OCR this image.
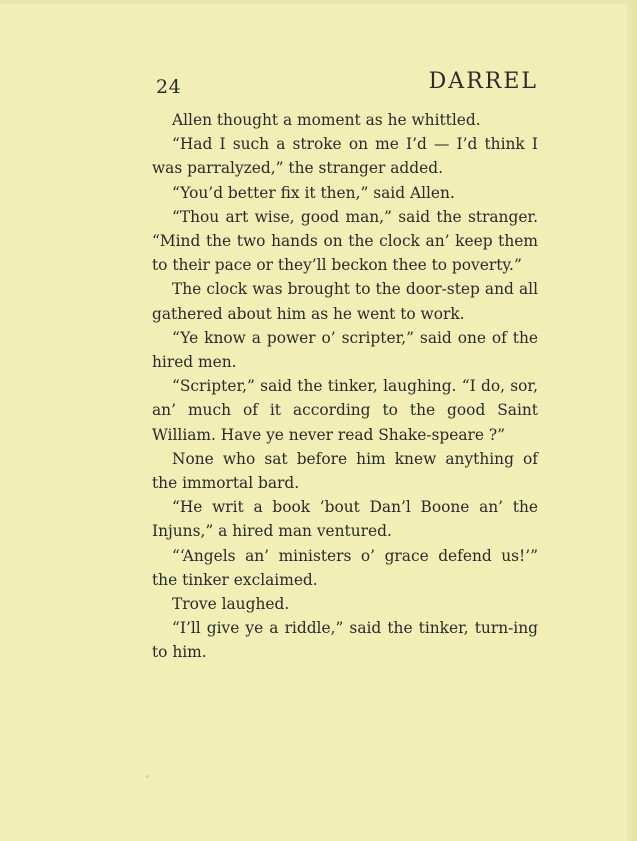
24	DARREL

Allen thought a moment as he whittled.

“Had I such a stroke on me I’d — I’d think I was parralyzed,” the stranger added.

“You’d better fix it then,” said Allen.

“Thou art wise, good man,” said the stranger. “Mind the two hands on the clock an’ keep them to their pace or they’ll beckon thee to poverty.”

The clock was brought to the door-step and all gathered about him as he went to work.

“Ye know a power o’ scripter,” said one of the hired men.

“Scripter,” said the tinker, laughing. “I do, sor, an’ much of it according to the good Saint William. Have ye never read Shake-speare ?”

None who sat before him knew anything of the immortal bard.

“He writ a book ’bout Dan’l Boone an’ the Injuns,” a hired man ventured.

“‘Angels an’ ministers o’ grace defend us!’” the tinker exclaimed.

Trove laughed.

“I’ll give ye a riddle,” said the tinker, turn-ing to him.
